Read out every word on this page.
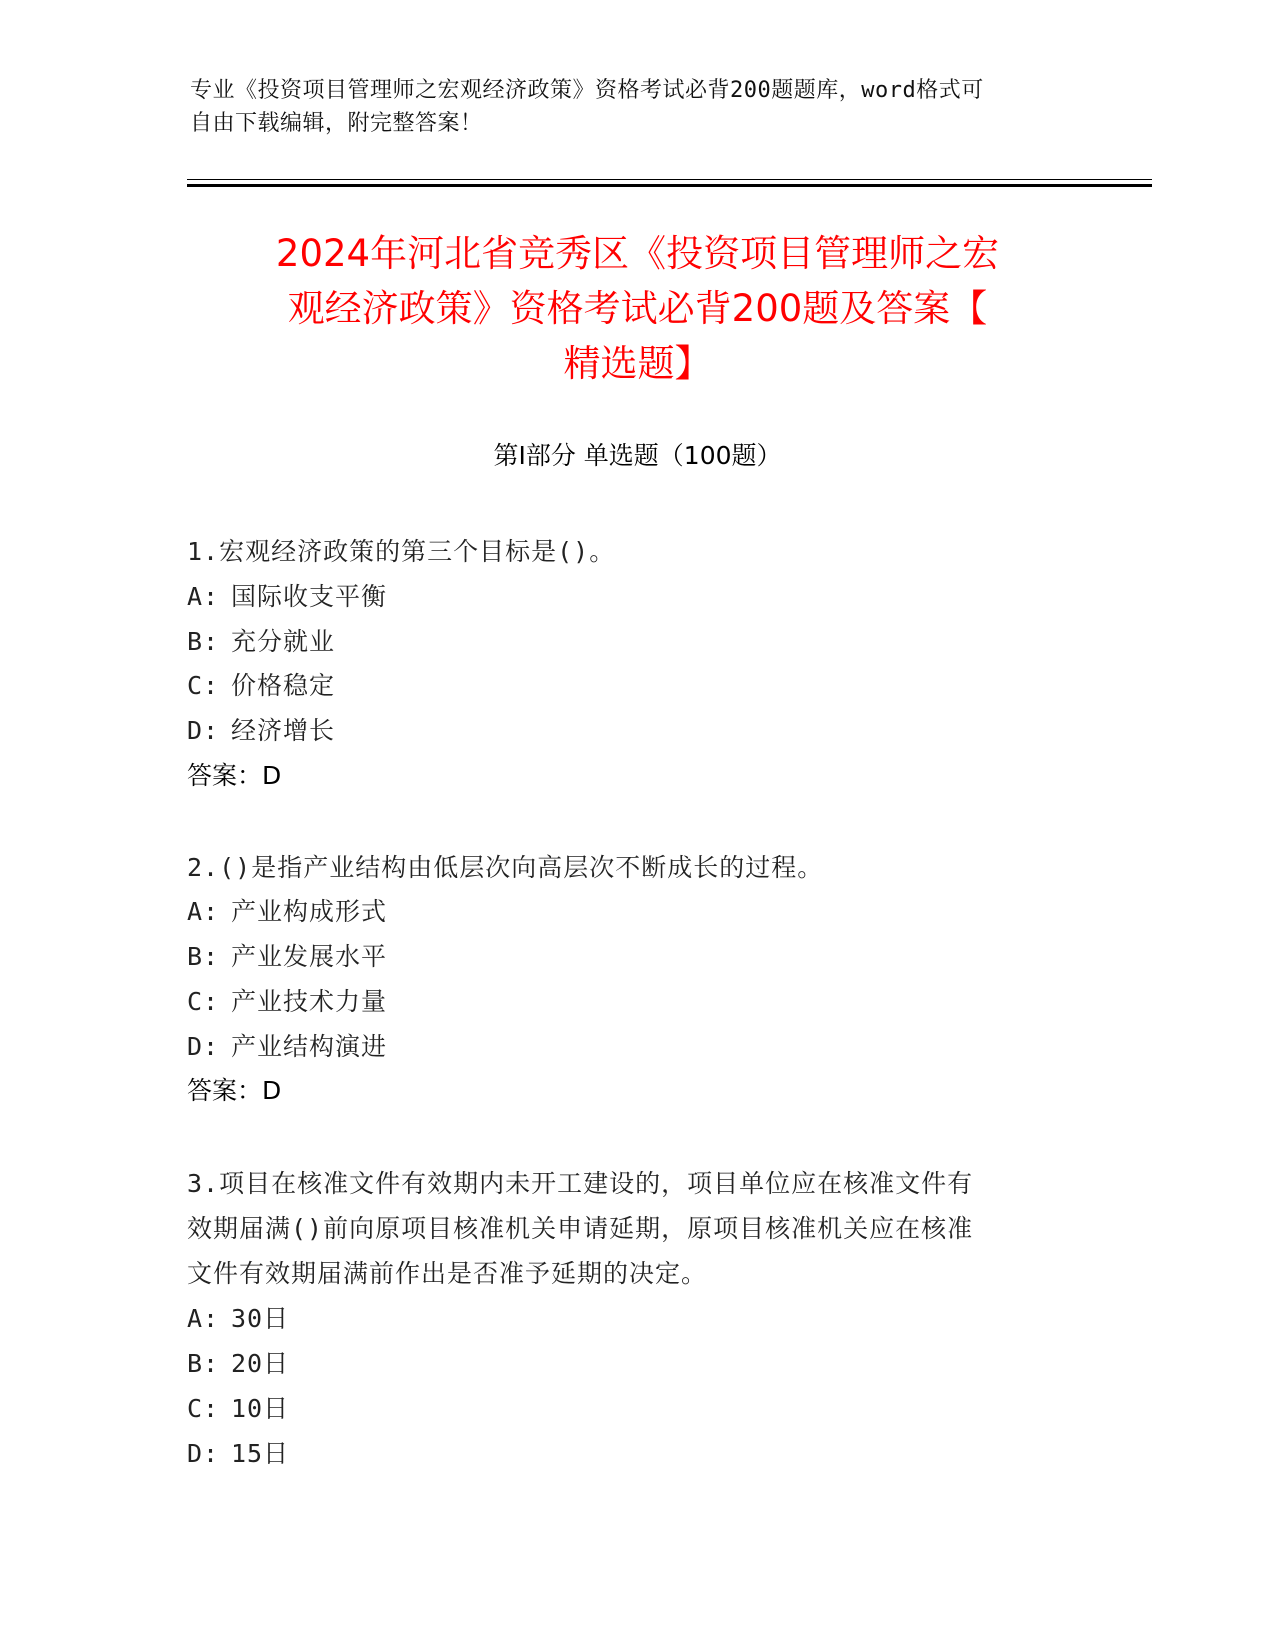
专业《投资项目管理师之宏观经济政策》资格考试必背200题题库，word格式可
自由下载编辑，附完整答案！
2024年河北省竞秀区《投资项目管理师之宏
观经济政策》资格考试必背200题及答案【
精选题】
第Ⅰ部分 单选题（100题）
1.宏观经济政策的第三个目标是()。
A: 国际收支平衡
B: 充分就业
C: 价格稳定
D: 经济增长
答案：D
2.()是指产业结构由低层次向高层次不断成长的过程。
A: 产业构成形式
B: 产业发展水平
C: 产业技术力量
D: 产业结构演进
答案：D
3.项目在核准文件有效期内未开工建设的，项目单位应在核准文件有
效期届满()前向原项目核准机关申请延期，原项目核准机关应在核准
文件有效期届满前作出是否准予延期的决定。
A: 30日
B: 20日
C: 10日
D: 15日
